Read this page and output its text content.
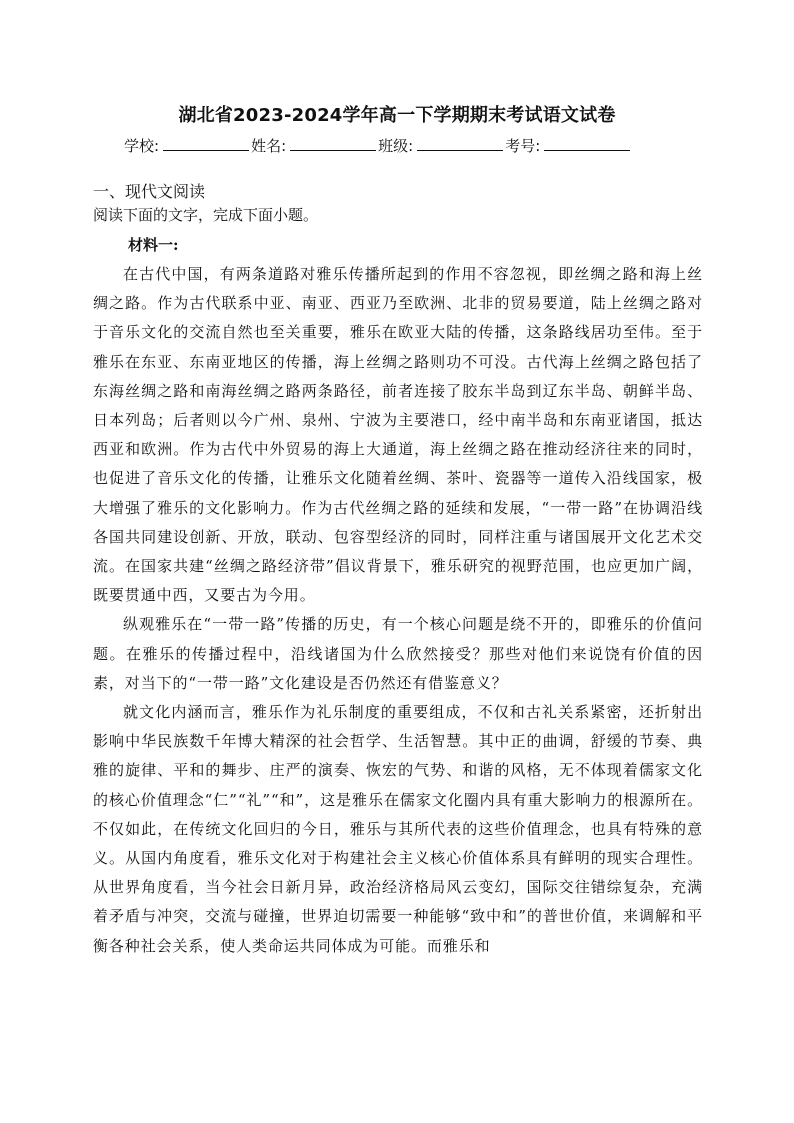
湖北省2023-2024学年高一下学期期末考试语文试卷
学校:	姓名:	班级:	考号:
一、现代文阅读
阅读下面的文字，完成下面小题。
材料一:

在古代中国，有两条道路对雅乐传播所起到的作用不容忽视，即丝绸之路和海上丝绸之路。作为古代联系中亚、南亚、西亚乃至欧洲、北非的贸易要道，陆上丝绸之路对于音乐文化的交流自然也至关重要，雅乐在欧亚大陆的传播，这条路线居功至伟。至于雅乐在东亚、东南亚地区的传播，海上丝绸之路则功不可没。古代海上丝绸之路包括了东海丝绸之路和南海丝绸之路两条路径，前者连接了胶东半岛到辽东半岛、朝鲜半岛、日本列岛；后者则以今广州、泉州、宁波为主要港口，经中南半岛和东南亚诸国，抵达西亚和欧洲。作为古代中外贸易的海上大通道，海上丝绸之路在推动经济往来的同时，也促进了音乐文化的传播，让雅乐文化随着丝绸、茶叶、瓷器等一道传入沿线国家，极大增强了雅乐的文化影响力。作为古代丝绸之路的延续和发展，“一带一路”在协调沿线各国共同建设创新、开放，联动、包容型经济的同时，同样注重与诸国展开文化艺术交流。在国家共建“丝绸之路经济带”倡议背景下，雅乐研究的视野范围，也应更加广阔，既要贯通中西，又要古为今用。

纵观雅乐在“一带一路”传播的历史，有一个核心问题是绕不开的，即雅乐的价值问题。在雅乐的传播过程中，沿线诸国为什么欣然接受？那些对他们来说饶有价值的因素，对当下的“一带一路”文化建设是否仍然还有借鉴意义？

就文化内涵而言，雅乐作为礼乐制度的重要组成，不仅和古礼关系紧密，还折射出影响中华民族数千年博大精深的社会哲学、生活智慧。其中正的曲调，舒缓的节奏、典雅的旋律、平和的舞步、庄严的演奏、恢宏的气势、和谐的风格，无不体现着儒家文化的核心价值理念“仁”“礼”“和”，这是雅乐在儒家文化圈内具有重大影响力的根源所在。不仅如此，在传统文化回归的今日，雅乐与其所代表的这些价值理念，也具有特殊的意义。从国内角度看，雅乐文化对于构建社会主义核心价值体系具有鲜明的现实合理性。从世界角度看，当今社会日新月异，政治经济格局风云变幻，国际交往错综复杂，充满着矛盾与冲突，交流与碰撞，世界迫切需要一种能够“致中和”的普世价值，来调解和平衡各种社会关系，使人类命运共同体成为可能。而雅乐和
